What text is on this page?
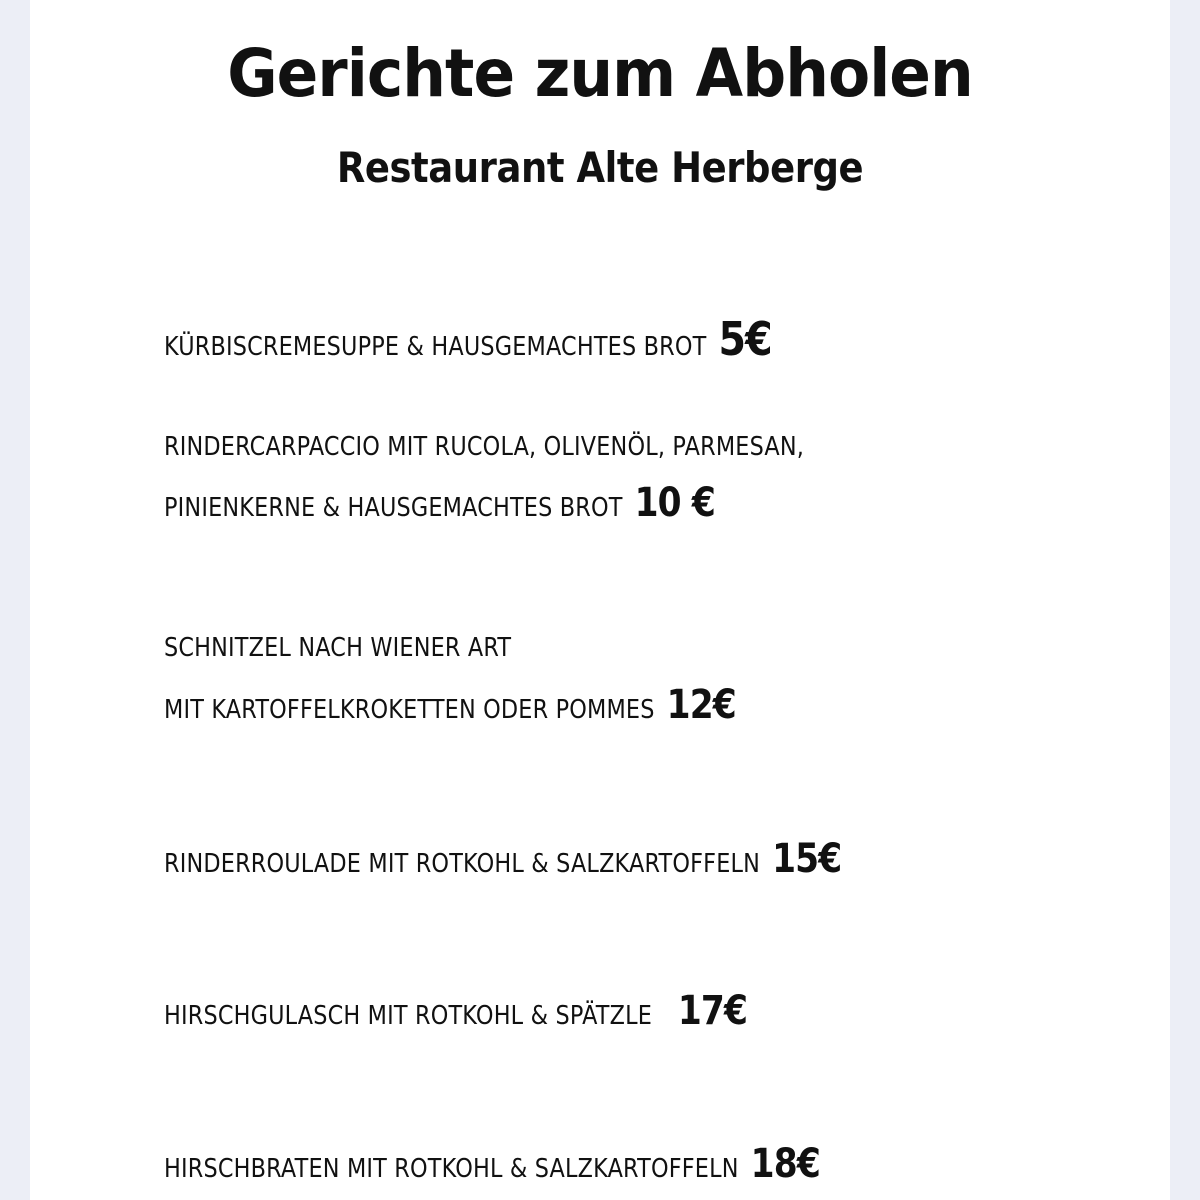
Gerichte zum Abholen
Restaurant Alte Herberge
KÜRBISCREMESUPPE & HAUSGEMACHTES BROT 5€
RINDERCARPACCIO MIT RUCOLA, OLIVENÖL, PARMESAN,
PINIENKERNE & HAUSGEMACHTES BROT 10 €
SCHNITZEL NACH WIENER ART
MIT KARTOFFELKROKETTEN ODER POMMES 12€
RINDERROULADE MIT ROTKOHL & SALZKARTOFFELN 15€
HIRSCHGULASCH MIT ROTKOHL & SPÄTZLE 17€
HIRSCHBRATEN MIT ROTKOHL & SALZKARTOFFELN 18€
